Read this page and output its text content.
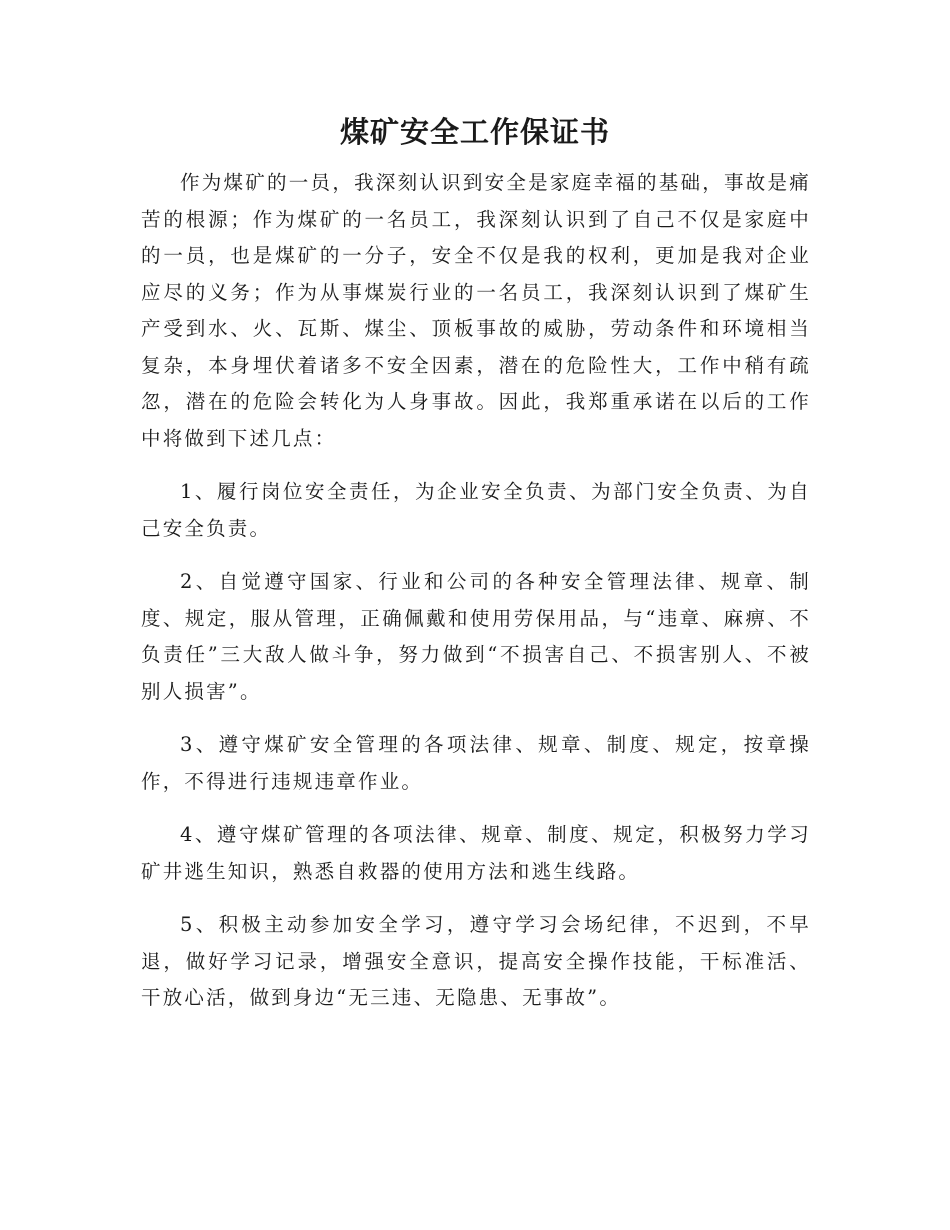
煤矿安全工作保证书

作为煤矿的一员，我深刻认识到安全是家庭幸福的基础，事故是痛苦的根源；作为煤矿的一名员工，我深刻认识到了自己不仅是家庭中的一员，也是煤矿的一分子，安全不仅是我的权利，更加是我对企业应尽的义务；作为从事煤炭行业的一名员工，我深刻认识到了煤矿生产受到水、火、瓦斯、煤尘、顶板事故的威胁，劳动条件和环境相当复杂，本身埋伏着诸多不安全因素，潜在的危险性大，工作中稍有疏忽，潜在的危险会转化为人身事故。因此，我郑重承诺在以后的工作中将做到下述几点：

1、履行岗位安全责任，为企业安全负责、为部门安全负责、为自己安全负责。

2、自觉遵守国家、行业和公司的各种安全管理法律、规章、制度、规定，服从管理，正确佩戴和使用劳保用品，与“违章、麻痹、不负责任”三大敌人做斗争，努力做到“不损害自己、不损害别人、不被别人损害”。

3、遵守煤矿安全管理的各项法律、规章、制度、规定，按章操作，不得进行违规违章作业。

4、遵守煤矿管理的各项法律、规章、制度、规定，积极努力学习矿井逃生知识，熟悉自救器的使用方法和逃生线路。

5、积极主动参加安全学习，遵守学习会场纪律，不迟到，不早退，做好学习记录，增强安全意识，提高安全操作技能，干标准活、干放心活，做到身边“无三违、无隐患、无事故”。
